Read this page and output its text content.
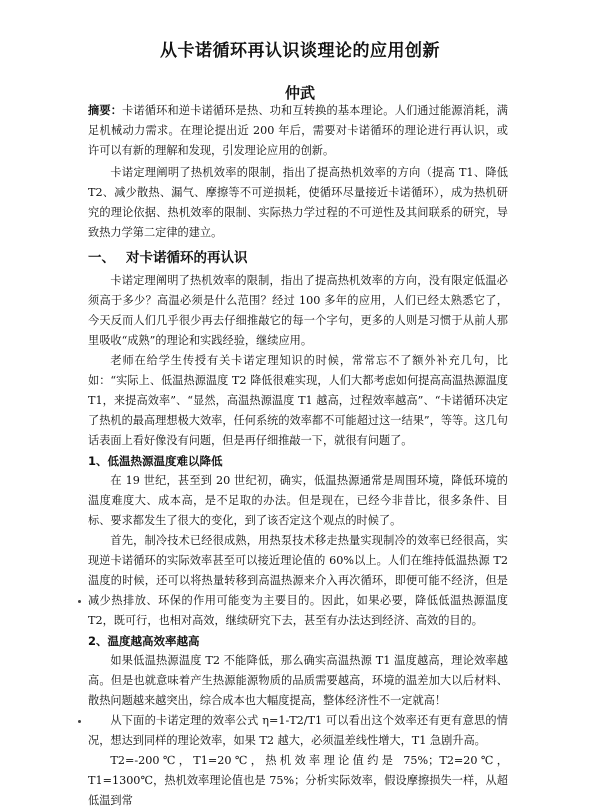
从卡诺循环再认识谈理论的应用创新
仲武

摘要：卡诺循环和逆卡诺循环是热、功和互转换的基本理论。人们通过能源消耗，满足机械动力需求。在理论提出近 200 年后，需要对卡诺循环的理论进行再认识，或许可以有新的理解和发现，引发理论应用的创新。

卡诺定理阐明了热机效率的限制，指出了提高热机效率的方向（提高 T1、降低 T2、减少散热、漏气、摩擦等不可逆损耗，使循环尽量接近卡诺循环），成为热机研究的理论依据、热机效率的限制、实际热力学过程的不可逆性及其间联系的研究，导致热力学第二定律的建立。

一、 对卡诺循环的再认识

卡诺定理阐明了热机效率的限制，指出了提高热机效率的方向，没有限定低温必须高于多少？高温必须是什么范围？经过 100 多年的应用，人们已经太熟悉它了，今天反而人们几乎很少再去仔细推敲它的每一个字句，更多的人则是习惯于从前人那里吸收“成熟”的理论和实践经验，继续应用。

老师在给学生传授有关卡诺定理知识的时候，常常忘不了额外补充几句，比如：“实际上、低温热源温度 T2 降低很难实现，人们大都考虑如何提高高温热源温度 T1，来提高效率”、“显然，高温热源温度 T1 越高，过程效率越高”、“卡诺循环决定了热机的最高理想极大效率，任何系统的效率都不可能超过这一结果”，等等。这几句话表面上看好像没有问题，但是再仔细推敲一下，就很有问题了。

1、低温热源温度难以降低

在 19 世纪，甚至到 20 世纪初，确实，低温热源通常是周围环境，降低环境的温度难度大、成本高，是不足取的办法。但是现在，已经今非昔比，很多条件、目标、要求都发生了很大的变化，到了该否定这个观点的时候了。

首先，制冷技术已经很成熟，用热泵技术移走热量实现制冷的效率已经很高，实现逆卡诺循环的实际效率甚至可以接近理论值的 60%以上。人们在维持低温热源 T2 温度的时候，还可以将热量转移到高温热源来介入再次循环，即便可能不经济，但是减少热排放、环保的作用可能变为主要目的。因此，如果必要，降低低温热源温度 T2，既可行，也相对高效，继续研究下去，甚至有办法达到经济、高效的目的。

2、温度越高效率越高

如果低温热源温度 T2 不能降低，那么确实高温热源 T1 温度越高，理论效率越高。但是也就意味着产生热源能源物质的品质需要越高，环境的温差加大以后材料、散热问题越来越突出，综合成本也大幅度提高，整体经济性不一定就高！

从下面的卡诺定理的效率公式 η=1-T2/T1 可以看出这个效率还有更有意思的情况，想达到同样的理论效率，如果 T2 越大，必须温差线性增大，T1 急剧升高。

T2=-200℃，T1=20℃，热机效率理论值约是 75%；T2=20℃，T1=1300℃，热机效率理论值也是 75%；分析实际效率，假设摩擦损失一样，从超低温到常
